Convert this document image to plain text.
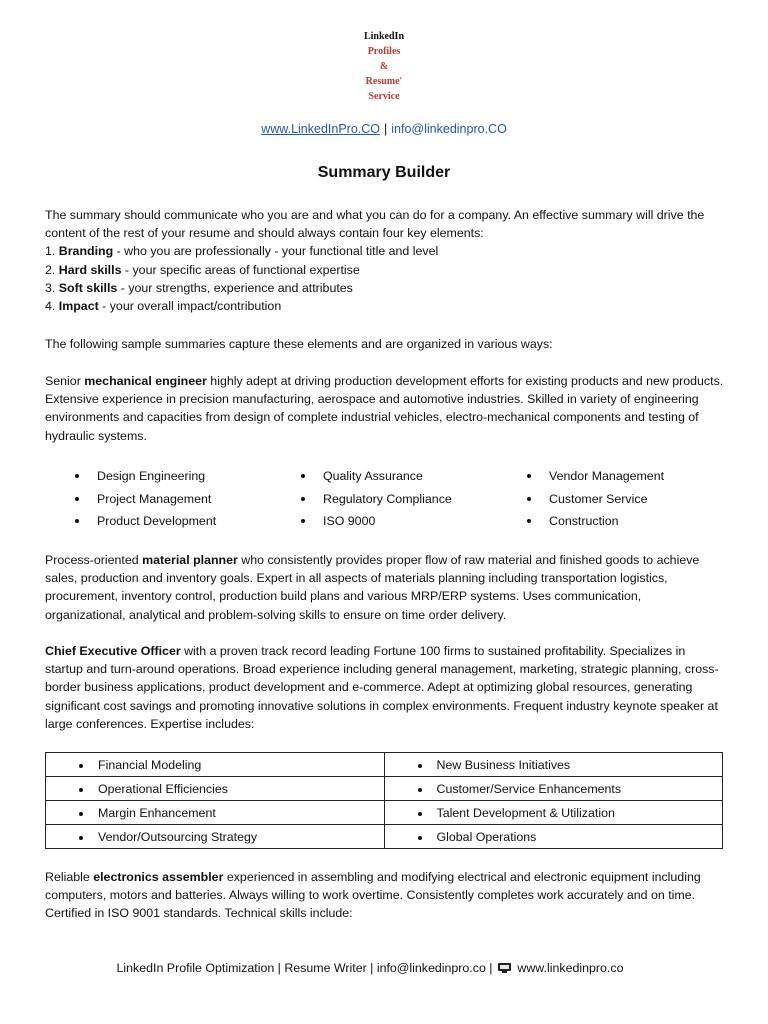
LinkedIn
Profiles
&
Resume'
Service
www.LinkedInPro.CO | info@linkedinpro.CO
Summary Builder
The summary should communicate who you are and what you can do for a company. An effective summary will drive the content of the rest of your resume and should always contain four key elements:
1. Branding - who you are professionally - your functional title and level
2. Hard skills - your specific areas of functional expertise
3. Soft skills - your strengths, experience and attributes
4. Impact - your overall impact/contribution
The following sample summaries capture these elements and are organized in various ways:
Senior mechanical engineer highly adept at driving production development efforts for existing products and new products. Extensive experience in precision manufacturing, aerospace and automotive industries. Skilled in variety of engineering environments and capacities from design of complete industrial vehicles, electro-mechanical components and testing of hydraulic systems.
Design Engineering
Project Management
Product Development
Quality Assurance
Regulatory Compliance
ISO 9000
Vendor Management
Customer Service
Construction
Process-oriented material planner who consistently provides proper flow of raw material and finished goods to achieve sales, production and inventory goals. Expert in all aspects of materials planning including transportation logistics, procurement, inventory control, production build plans and various MRP/ERP systems. Uses communication, organizational, analytical and problem-solving skills to ensure on time order delivery.
Chief Executive Officer with a proven track record leading Fortune 100 firms to sustained profitability. Specializes in startup and turn-around operations. Broad experience including general management, marketing, strategic planning, cross-border business applications, product development and e-commerce. Adept at optimizing global resources, generating significant cost savings and promoting innovative solutions in complex environments. Frequent industry keynote speaker at large conferences. Expertise includes:
Financial Modeling	New Business Initiatives

Operational Efficiencies	Customer/Service Enhancements

Margin Enhancement	Talent Development & Utilization

Vendor/Outsourcing Strategy	Global Operations
Reliable electronics assembler experienced in assembling and modifying electrical and electronic equipment including computers, motors and batteries. Always willing to work overtime. Consistently completes work accurately and on time. Certified in ISO 9001 standards. Technical skills include:
LinkedIn Profile Optimization | Resume Writer | info@linkedinpro.co |
www.linkedinpro.co
